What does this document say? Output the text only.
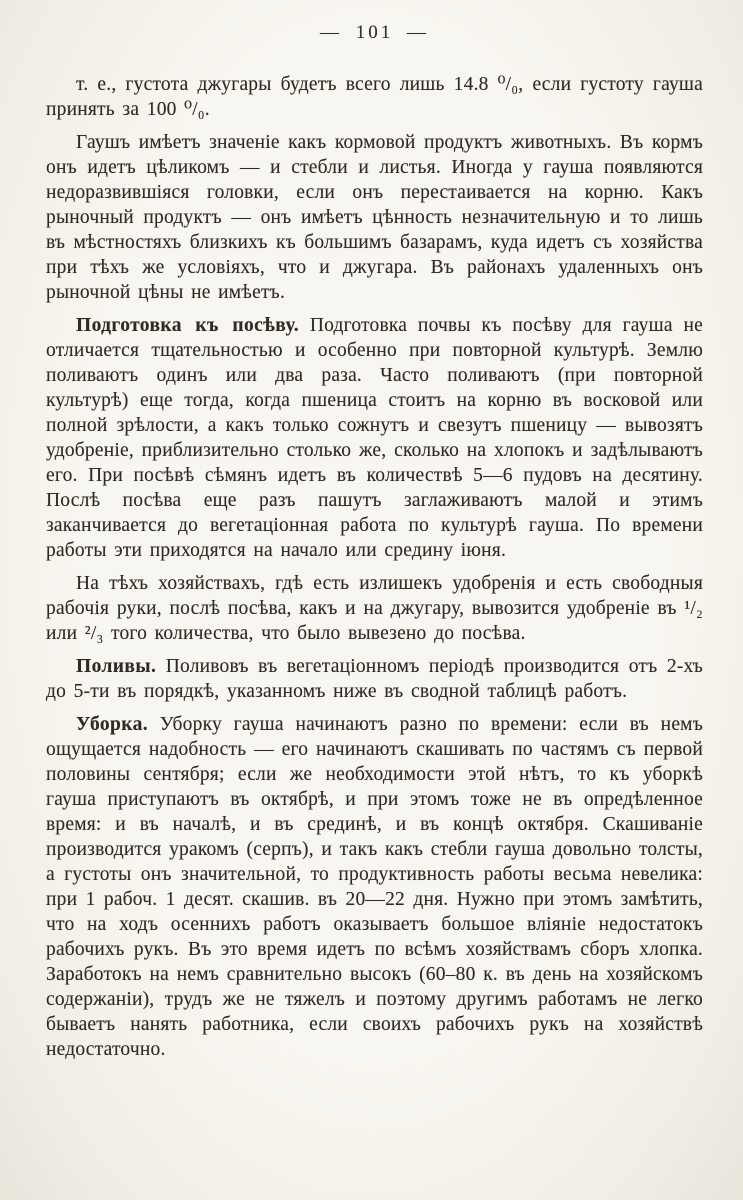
— 101 —

т. е., густота джугары будетъ всего лишь 14.8 ⁰/₀, если густоту гауша принять за 100 ⁰/₀.

Гаушъ имѣетъ значеніе какъ кормовой продуктъ животныхъ. Въ кормъ онъ идетъ цѣликомъ — и стебли и листья. Иногда у гауша появляются недоразвившіяся головки, если онъ перестаивается на корню. Какъ рыночный продуктъ — онъ имѣетъ цѣнность незначительную и то лишь въ мѣстностяхъ близкихъ къ большимъ базарамъ, куда идетъ съ хозяйства при тѣхъ же условіяхъ, что и джугара. Въ районахъ удаленныхъ онъ рыночной цѣны не имѣетъ.

Подготовка къ посѣву. Подготовка почвы къ посѣву для гауша не отличается тщательностью и особенно при повторной культурѣ. Землю поливаютъ одинъ или два раза. Часто поливаютъ (при повторной культурѣ) еще тогда, когда пшеница стоитъ на корню въ восковой или полной зрѣлости, а какъ только сожнутъ и свезутъ пшеницу — вывозятъ удобреніе, приблизительно столько же, сколько на хлопокъ и задѣлываютъ его. При посѣвѣ сѣмянъ идетъ въ количествѣ 5—6 пудовъ на десятину. Послѣ посѣва еще разъ пашутъ заглаживаютъ малой и этимъ заканчивается до вегетаціонная работа по культурѣ гауша. По времени работы эти приходятся на начало или средину іюня.

На тѣхъ хозяйствахъ, гдѣ есть излишекъ удобренія и есть свободныя рабочія руки, послѣ посѣва, какъ и на джугару, вывозится удобреніе въ ¹/₂ или ²/₃ того количества, что было вывезено до посѣва.

Поливы. Поливовъ въ вегетаціонномъ періодѣ производится отъ 2-хъ до 5-ти въ порядкѣ, указанномъ ниже въ сводной таблицѣ работъ.

Уборка. Уборку гауша начинаютъ разно по времени: если въ немъ ощущается надобность — его начинаютъ скашивать по частямъ съ первой половины сентября; если же необходимости этой нѣтъ, то къ уборкѣ гауша приступаютъ въ октябрѣ, и при этомъ тоже не въ опредѣленное время: и въ началѣ, и въ срединѣ, и въ концѣ октября. Скашиваніе производится уракомъ (серпъ), и такъ какъ стебли гауша довольно толсты, а густоты онъ значительной, то продуктивность работы весьма невелика: при 1 рабоч. 1 десят. скашив. въ 20—22 дня. Нужно при этомъ замѣтить, что на ходъ осеннихъ работъ оказываетъ большое вліяніе недостатокъ рабочихъ рукъ. Въ это время идетъ по всѣмъ хозяйствамъ сборъ хлопка. Заработокъ на немъ сравнительно высокъ (60–80 к. въ день на хозяйскомъ содержаніи), трудъ же не тяжелъ и поэтому другимъ работамъ не легко бываетъ нанять работника, если своихъ рабочихъ рукъ на хозяйствѣ недостаточно.
